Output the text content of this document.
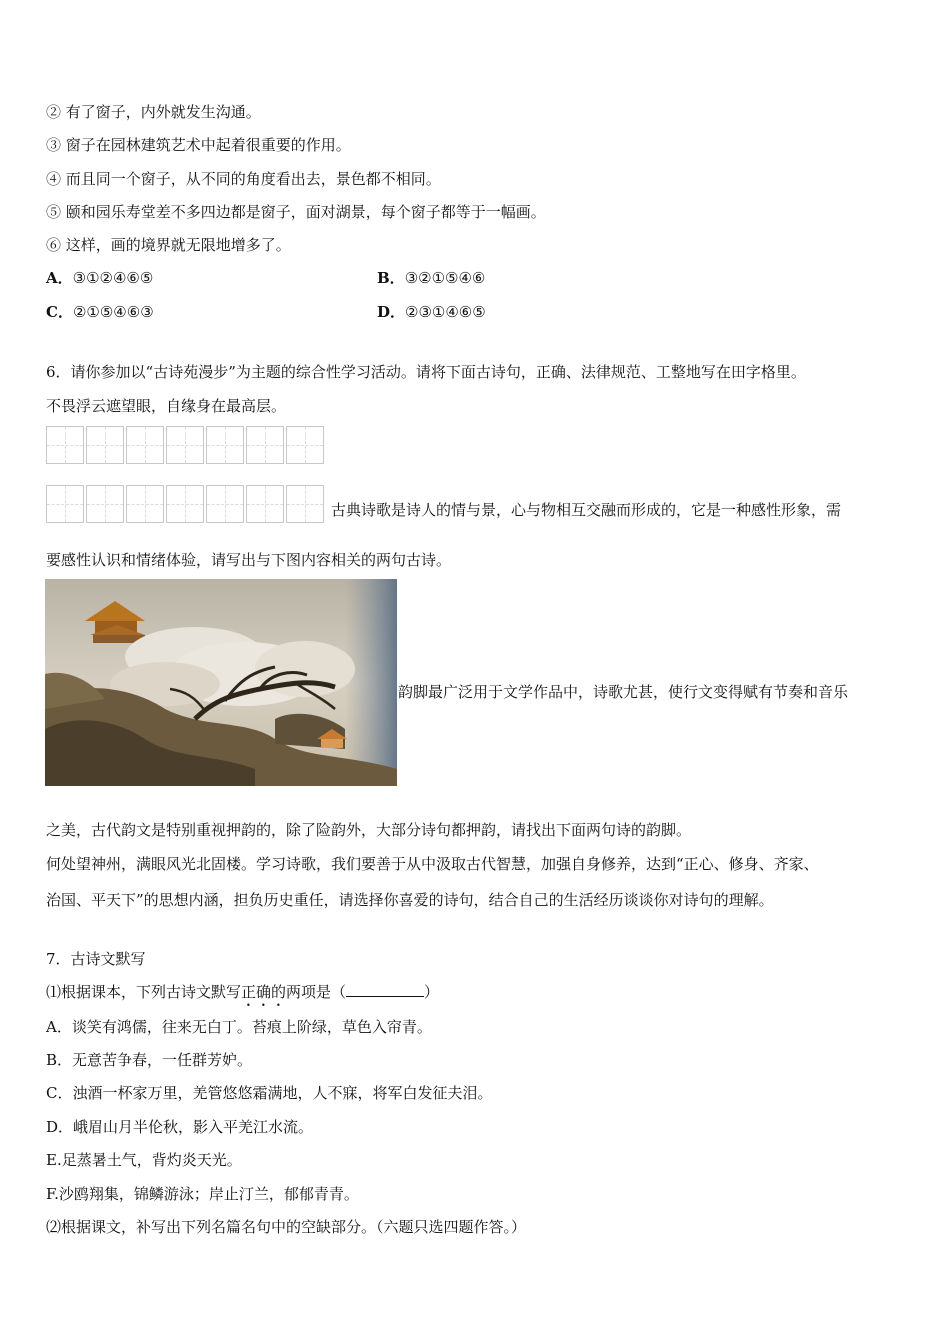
② 有了窗子，内外就发生沟通。
③ 窗子在园林建筑艺术中起着很重要的作用。
④ 而且同一个窗子，从不同的角度看出去，景色都不相同。
⑤ 颐和园乐寿堂差不多四边都是窗子，面对湖景，每个窗子都等于一幅画。
⑥ 这样，画的境界就无限地增多了。
A．③①②④⑥⑤	B．③②①⑤④⑥
C．②①⑤④⑥③	D．②③①④⑥⑤
6．请你参加以“古诗苑漫步”为主题的综合性学习活动。请将下面古诗句，正确、法律规范、工整地写在田字格里。
不畏浮云遮望眼，自缘身在最高层。
古典诗歌是诗人的情与景，心与物相互交融而形成的，它是一种感性形象，需
要感性认识和情绪体验，请写出与下图内容相关的两句古诗。
韵脚最广泛用于文学作品中，诗歌尤甚，使行文变得赋有节奏和音乐
之美，古代韵文是特别重视押韵的，除了险韵外，大部分诗句都押韵，请找出下面两句诗的韵脚。
何处望神州，满眼风光北固楼。学习诗歌，我们要善于从中汲取古代智慧，加强自身修养，达到“正心、修身、齐家、
治国、平天下”的思想内涵，担负历史重任，请选择你喜爱的诗句，结合自己的生活经历谈谈你对诗句的理解。
7．古诗文默写
⑴根据课本，下列古诗文默写正确的两项是（	）
A．谈笑有鸿儒，往来无白丁。苔痕上阶绿，草色入帘青。
B．无意苦争春，一任群芳妒。
C．浊酒一杯家万里，羌管悠悠霜满地，人不寐，将军白发征夫泪。
D．峨眉山月半伦秋，影入平羌江水流。
E.足蒸暑土气，背灼炎天光。
F.沙鸥翔集，锦鳞游泳；岸止汀兰，郁郁青青。
⑵根据课文，补写出下列名篇名句中的空缺部分。（六题只选四题作答。）
